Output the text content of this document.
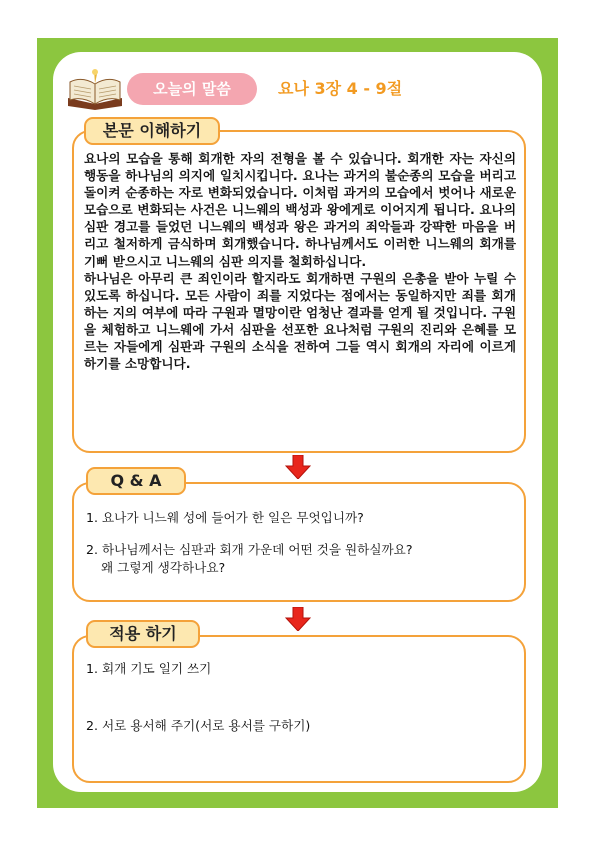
오늘의 말씀	요나 3장 4 - 9절
본문 이해하기

요나의 모습을 통해 회개한 자의 전형을 볼 수 있습니다. 회개한 자는 자신의 행동을 하나님의 의지에 일치시킵니다. 요나는 과거의 불순종의 모습을 버리고 돌이켜 순종하는 자로 변화되었습니다. 이처럼 과거의 모습에서 벗어나 새로운 모습으로 변화되는 사건은 니느웨의 백성과 왕에게로 이어지게 됩니다. 요나의 심판 경고를 들었던 니느웨의 백성과 왕은 과거의 죄악들과 강퍅한 마음을 버리고 철저하게 금식하며 회개했습니다. 하나님께서도 이러한 니느웨의 회개를 기뻐 받으시고 니느웨의 심판 의지를 철회하십니다.

하나님은 아무리 큰 죄인이라 할지라도 회개하면 구원의 은총을 받아 누릴 수 있도록 하십니다. 모든 사람이 죄를 지었다는 점에서는 동일하지만 죄를 회개하는 지의 여부에 따라 구원과 멸망이란 엄청난 결과를 얻게 될 것입니다. 구원을 체험하고 니느웨에 가서 심판을 선포한 요나처럼 구원의 진리와 은혜를 모르는 자들에게 심판과 구원의 소식을 전하여 그들 역시 회개의 자리에 이르게 하기를 소망합니다.

Q & A
1. 요나가 니느웨 성에 들어가 한 일은 무엇입니까?
2. 하나님께서는 심판과 회개 가운데 어떤 것을 원하실까요?
왜 그렇게 생각하나요?
적용 하기
1. 회개 기도 일기 쓰기
2. 서로 용서해 주기(서로 용서를 구하기)
